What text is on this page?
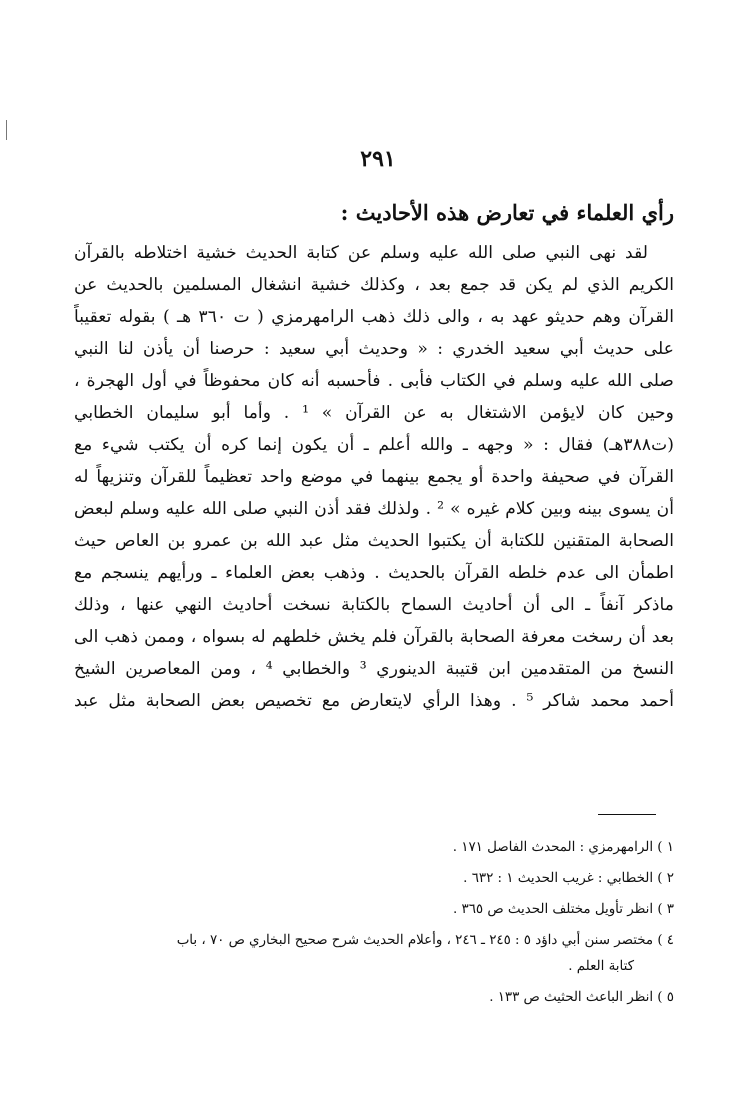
٢٩١
رأي العلماء في تعارض هذه الأحاديث :
لقد نهى النبي صلى الله عليه وسلم عن كتابة الحديث خشية اختلاطه بالقرآن
الكريم الذي لم يكن قد جمع بعد ، وكذلك خشية انشغال المسلمين بالحديث عن
القرآن وهم حديثو عهد به ، والى ذلك ذهب الرامهرمزي ( ت ٣٦٠ هـ ) بقوله تعقيباً
على حديث أبي سعيد الخدري : « وحديث أبي سعيد : حرصنا أن يأذن لنا النبي
صلى الله عليه وسلم في الكتاب فأبى . فأحسبه أنه كان محفوظاً في أول الهجرة ،
وحين كان لايؤمن الاشتغال به عن القرآن » ¹ . وأما أبو سليمان الخطابي
(ت٣٨٨هـ) فقال : « وجهه ـ والله أعلم ـ أن يكون إنما كره أن يكتب شيء مع
القرآن في صحيفة واحدة أو يجمع بينهما في موضع واحد تعظيماً للقرآن وتنزيهاً له
أن يسوى بينه وبين كلام غيره » ² . ولذلك فقد أذن النبي صلى الله عليه وسلم لبعض
الصحابة المتقنين للكتابة أن يكتبوا الحديث مثل عبد الله بن عمرو بن العاص حيث
اطمأن الى عدم خلطه القرآن بالحديث . وذهب بعض العلماء ـ ورأيهم ينسجم مع
ماذكر آنفاً ـ الى أن أحاديث السماح بالكتابة نسخت أحاديث النهي عنها ، وذلك
بعد أن رسخت معرفة الصحابة بالقرآن فلم يخش خلطهم له بسواه ، وممن ذهب الى
النسخ من المتقدمين ابن قتيبة الدينوري ³ والخطابي ⁴ ، ومن المعاصرين الشيخ
أحمد محمد شاكر ⁵ . وهذا الرأي لايتعارض مع تخصيص بعض الصحابة مثل عبد
١ ) الرامهرمزي : المحدث الفاصل ١٧١ .
٢ ) الخطابي : غريب الحديث ١ : ٦٣٢ .
٣ ) انظر تأويل مختلف الحديث ص ٣٦٥ .
٤ ) مختصر سنن أبي داؤد ٥ : ٢٤٥ ـ ٢٤٦ ، وأعلام الحديث شرح صحيح البخاري ص ٧٠ ، باب
كتابة العلم .
٥ ) انظر الباعث الحثيث ص ١٣٣ .
